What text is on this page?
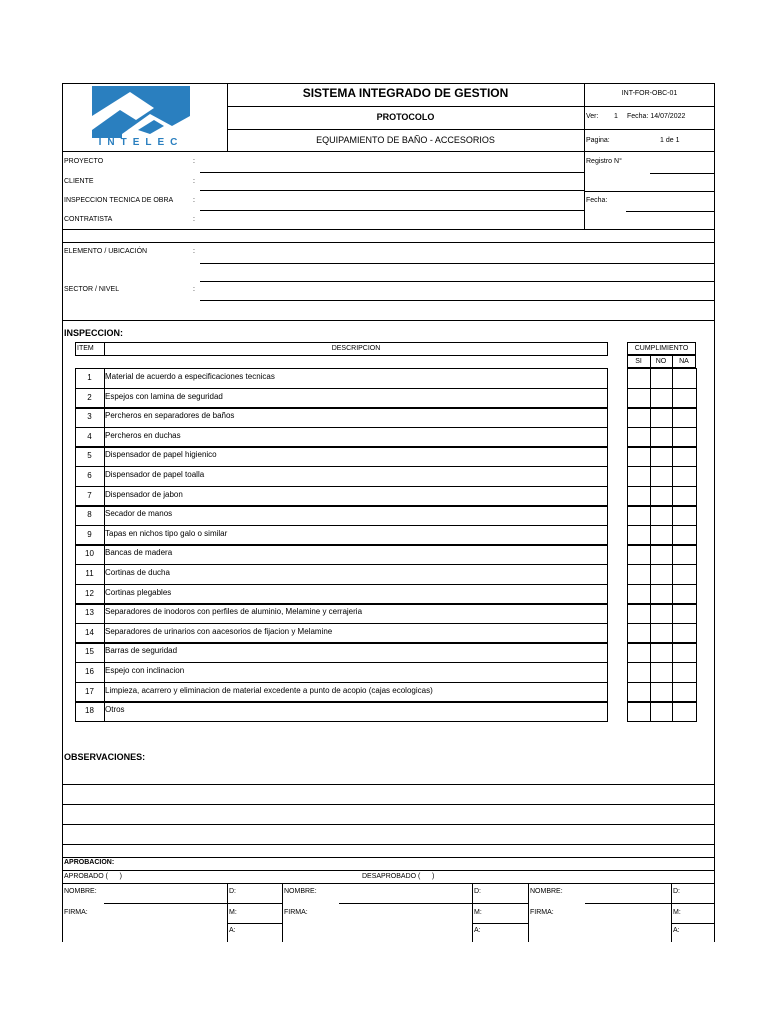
INTELEC
SISTEMA INTEGRADO DE GESTION
PROTOCOLO
EQUIPAMIENTO DE BAÑO - ACCESORIOS
INT-FOR-OBC-01
Ver: 1 Fecha: 14/07/2022
Pagina:	1 de 1
PROYECTO	:
CLIENTE	:
INSPECCION TECNICA DE OBRA	:
CONTRATISTA	:
Registro N°
Fecha:
ELEMENTO / UBICACIÓN	:
SECTOR / NIVEL	:
INSPECCION:
ITEM	DESCRIPCION	CUMPLIMIENTO
SI	NO	NA
1	Material de acuerdo a especificaciones tecnicas
2	Espejos con lamina de seguridad
3	Percheros en separadores de baños
4	Percheros en duchas
5	Dispensador de papel higienico
6	Dispensador de papel toalla
7	Dispensador de jabon
8	Secador de manos
9	Tapas en nichos tipo galo o similar
10	Bancas de madera
11	Cortinas de ducha
12	Cortinas plegables
13	Separadores de inodoros con perfiles de aluminio, Melamine y cerrajeria
14	Separadores de urinarios con aacesorios de fijacion y Melamine
15	Barras de seguridad
16	Espejo con inclinacion
17	Limpieza, acarrero y eliminacion de material excedente a punto de acopio (cajas ecologicas)
18	Otros
OBSERVACIONES:
APROBACION:
APROBADO (      )	DESAPROBADO (      )
NOMBRE:	D:
M:
A:
FIRMA:
NOMBRE:	D:
M:
A:
FIRMA:
NOMBRE:	D:
M:
A:
FIRMA:
